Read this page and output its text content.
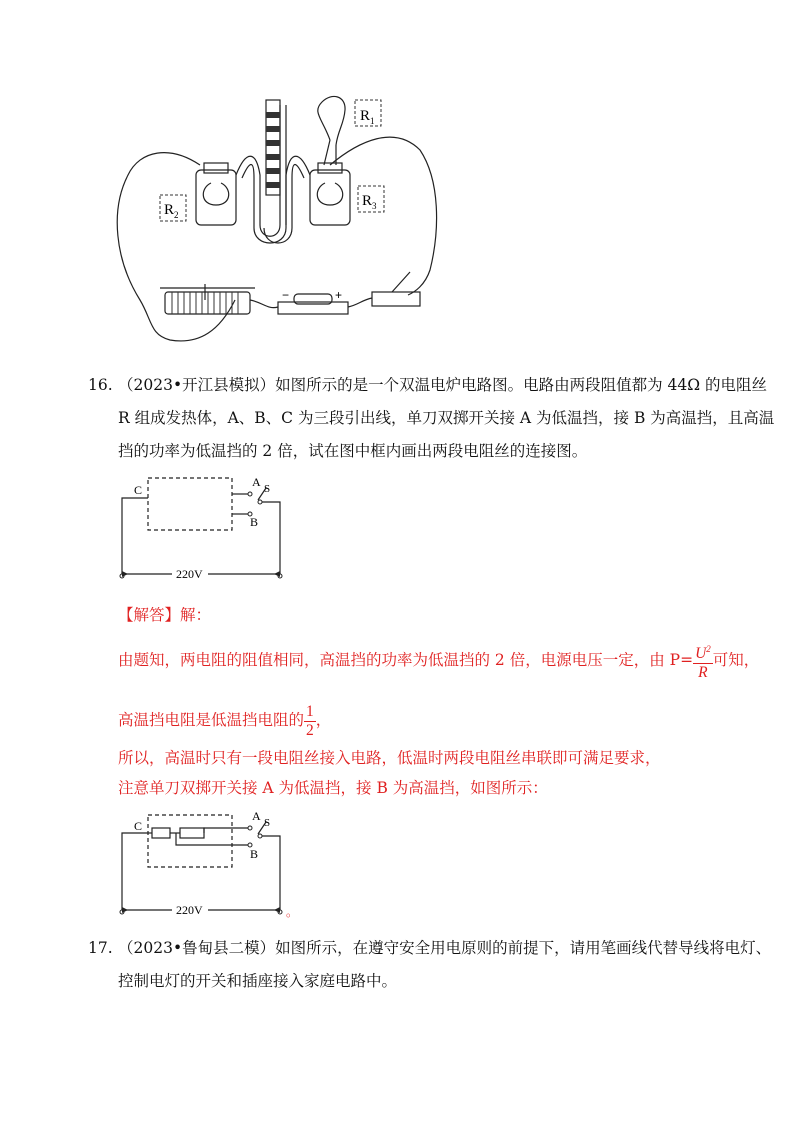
$R_1$
$R_2$
$R_3$
−	+
16. （2023•开江县模拟）如图所示的是一个双温电炉电路图。电路由两段阻值都为 44Ω 的电阻丝
R 组成发热体，A、B、C 为三段引出线，单刀双掷开关接 A 为低温挡，接 B 为高温挡，且高温
挡的功率为低温挡的 2 倍，试在图中框内画出两段电阻丝的连接图。
C
A S
B
220V
【解答】解：
由题知，两电阻的阻值相同，高温挡的功率为低温挡的 2 倍，电源电压一定，由 $P= \frac{U^2}{R}$ 可知，
高温挡电阻是低温挡电阻的 $\frac{1}{2}$ ，
所以，高温时只有一段电阻丝接入电路，低温时两段电阻丝串联即可满足要求，
注意单刀双掷开关接 A 为低温挡，接 B 为高温挡，如图所示：
C
A S
B
220V	。
17. （2023•鲁甸县二模）如图所示，在遵守安全用电原则的前提下，请用笔画线代替导线将电灯、
控制电灯的开关和插座接入家庭电路中。
